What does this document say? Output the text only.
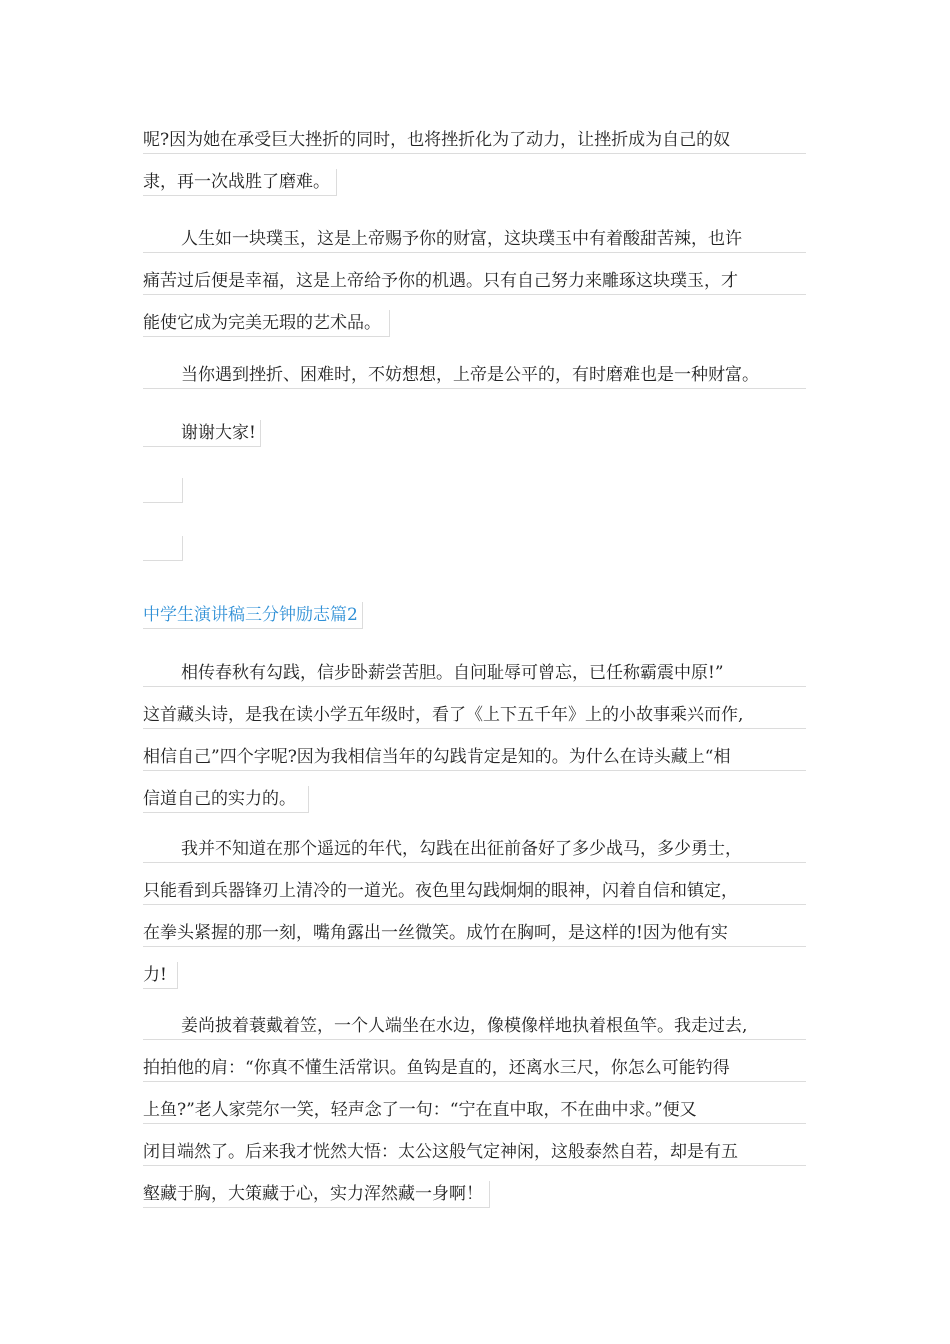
呢?因为她在承受巨大挫折的同时，也将挫折化为了动力，让挫折成为自己的奴
隶，再一次战胜了磨难。
人生如一块璞玉，这是上帝赐予你的财富，这块璞玉中有着酸甜苦辣，也许
痛苦过后便是幸福，这是上帝给予你的机遇。只有自己努力来雕琢这块璞玉，才
能使它成为完美无瑕的艺术品。
当你遇到挫折、困难时，不妨想想，上帝是公平的，有时磨难也是一种财富。
谢谢大家!
中学生演讲稿三分钟励志篇2
相传春秋有勾践，信步卧薪尝苦胆。自问耻辱可曾忘，已任称霸震中原!”
这首藏头诗，是我在读小学五年级时，看了《上下五千年》上的小故事乘兴而作,
相信自己”四个字呢?因为我相信当年的勾践肯定是知的。为什么在诗头藏上“相
信道自己的实力的。
我并不知道在那个遥远的年代，勾践在出征前备好了多少战马，多少勇士，
只能看到兵器锋刃上清冷的一道光。夜色里勾践炯炯的眼神，闪着自信和镇定，
在拳头紧握的那一刻，嘴角露出一丝微笑。成竹在胸呵，是这样的!因为他有实
力!
姜尚披着蓑戴着笠，一个人端坐在水边，像模像样地执着根鱼竿。我走过去,
拍拍他的肩：“你真不懂生活常识。鱼钩是直的，还离水三尺，你怎么可能钓得
上鱼?”老人家莞尔一笑，轻声念了一句：“宁在直中取，不在曲中求。”便又
闭目端然了。后来我才恍然大悟：太公这般气定神闲，这般泰然自若，却是有五
壑藏于胸，大策藏于心，实力浑然藏一身啊！
